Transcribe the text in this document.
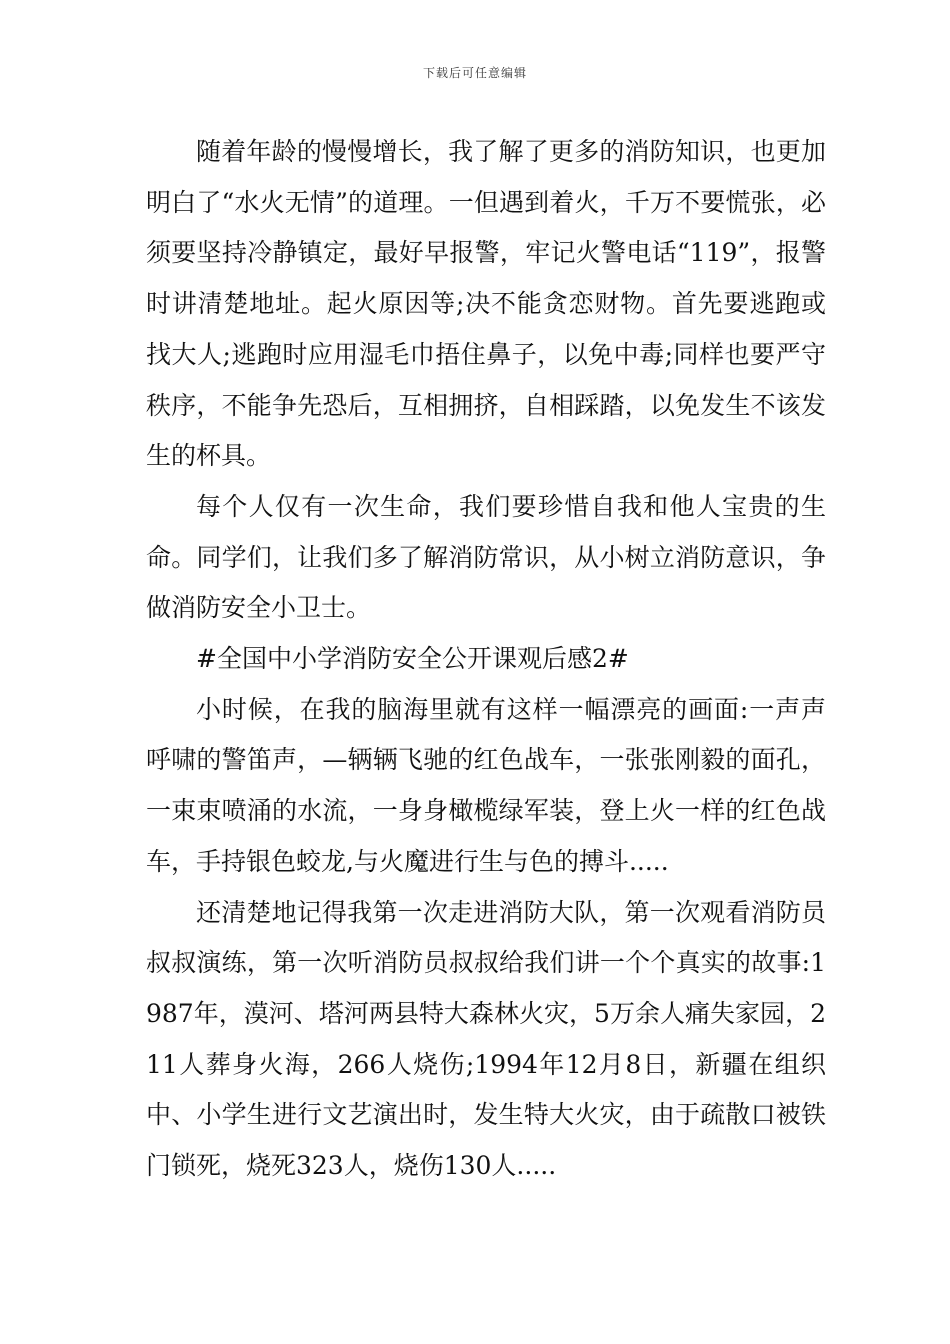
下载后可任意编辑

随着年龄的慢慢增长，我了解了更多的消防知识，也更加明白了“水火无情”的道理。一但遇到着火，千万不要慌张，必须要坚持冷静镇定，最好早报警，牢记火警电话“119”，报警时讲清楚地址。起火原因等;决不能贪恋财物。首先要逃跑或找大人;逃跑时应用湿毛巾捂住鼻子，以免中毒;同样也要严守秩序，不能争先恐后，互相拥挤，自相踩踏，以免发生不该发生的杯具。

每个人仅有一次生命，我们要珍惜自我和他人宝贵的生命。同学们，让我们多了解消防常识，从小树立消防意识，争做消防安全小卫士。

#全国中小学消防安全公开课观后感2#

小时候，在我的脑海里就有这样一幅漂亮的画面:一声声呼啸的警笛声，—辆辆飞驰的红色战车，一张张刚毅的面孔，一束束喷涌的水流，一身身橄榄绿军装，登上火一样的红色战车，手持银色蛟龙,与火魔进行生与色的搏斗.....

还清楚地记得我第一次走进消防大队，第一次观看消防员叔叔演练，第一次听消防员叔叔给我们讲一个个真实的故事:1987年，漠河、塔河两县特大森林火灾，5万余人痛失家园，211人葬身火海，266人烧伤;1994年12月8日，新疆在组织中、小学生进行文艺演出时，发生特大火灾，由于疏散口被铁门锁死，烧死323人，烧伤130人.....
